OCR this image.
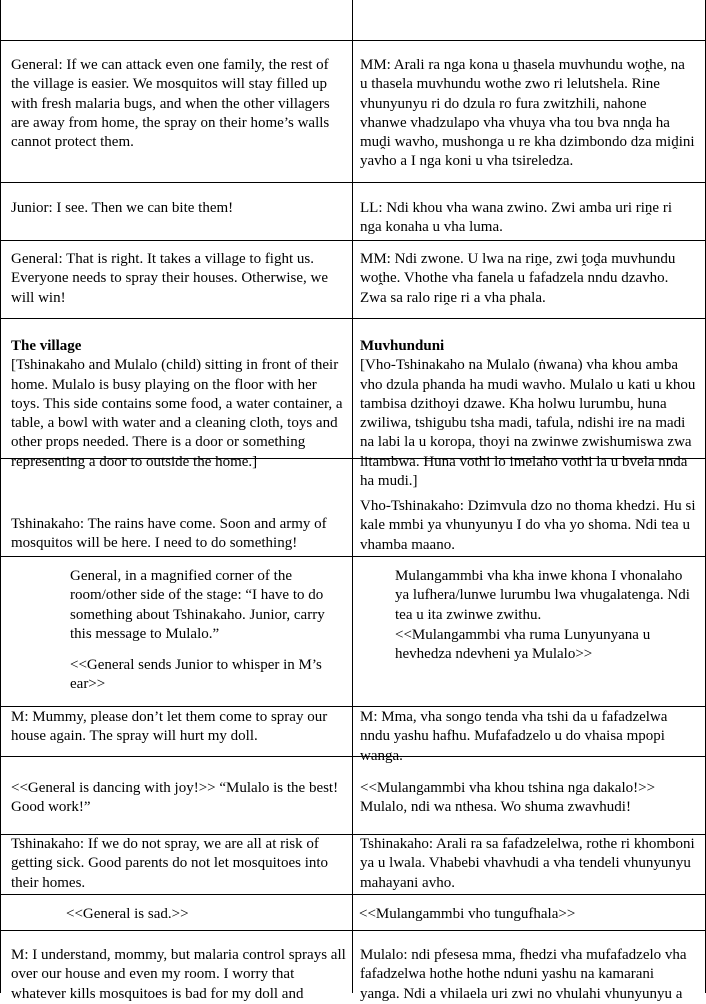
General: If we can attack even one family, the rest of the village is easier. We mosquitos will stay filled up with fresh malaria bugs, and when the other villagers are away from home, the spray on their home’s walls cannot protect them.

Junior: I see. Then we can bite them!

General: That is right. It takes a village to fight us. Everyone needs to spray their houses. Otherwise, we will win!

The village
[Tshinakaho and Mulalo (child) sitting in front of their home. Mulalo is busy playing on the floor with her toys. This side contains some food, a water container, a table, a bowl with water and a cleaning cloth, toys and other props needed. There is a door or something representing a door to outside the home.]

Tshinakaho: The rains have come. Soon and army of mosquitos will be here. I need to do something!

General, in a magnified corner of the room/other side of the stage: “I have to do something about Tshinakaho. Junior, carry this message to Mulalo.”

<<General sends Junior to whisper in M’s ear>>

M: Mummy, please don’t let them come to spray our house again. The spray will hurt my doll.

<<General is dancing with joy!>> “Mulalo is the best! Good work!”

Tshinakaho: If we do not spray, we are all at risk of getting sick. Good parents do not let mosquitoes into their homes.

<<General is sad.>>

M: I understand, mommy, but malaria control sprays all over our house and even my room. I worry that whatever kills mosquitoes is bad for my doll and

MM: Arali ra nga kona u ṱhasela muvhundu woṱhe, na u thasela muvhundu wothe zwo ri lelutshela. Rine vhunyunyu ri do dzula ro fura zwitzhili, nahone vhanwe vhadzulapo vha vhuya vha tou bva nnḓa ha muḓi wavho, mushonga u re kha dzimbondo dza miḓini yavho a I nga koni u vha tsireledza.

LL: Ndi khou vha wana zwino. Zwi amba uri riṋe ri nga konaha u vha luma.

MM: Ndi zwone. U lwa na riṋe, zwi ṱoḓa muvhundu woṱhe. Vhothe vha fanela u fafadzela nndu dzavho. Zwa sa ralo riṋe ri a vha phala.

Muvhunduni
[Vho-Tshinakaho na Mulalo (ṅwana) vha khou amba vho dzula phanda ha mudi wavho. Mulalo u kati u khou tambisa dzithoyi dzawe. Kha holwu lurumbu, huna zwiliwa, tshigubu tsha madi, tafula, ndishi ire na madi na labi la u koropa, thoyi na zwinwe zwishumiswa zwa litambwa. Huna vothi lo imelaho vothi la u bvela nnda ha mudi.]

Vho-Tshinakaho: Dzimvula dzo no thoma khedzi. Hu si kale mmbi ya vhunyunyu I do vha yo shoma. Ndi tea u vhamba maano.

Mulangammbi vha kha inwe khona I vhonalaho ya lufhera/lunwe lurumbu lwa vhugalatenga. Ndi tea u ita zwinwe zwithu.

<<Mulangammbi vha ruma Lunyunyana u hevhedza ndevheni ya Mulalo>>

M: Mma, vha songo tenda vha tshi da u fafadzelwa nndu yashu hafhu. Mufafadzelo u do vhaisa mpopi wanga.

<<Mulangammbi vha khou tshina nga dakalo!>> Mulalo, ndi wa nthesa. Wo shuma zwavhudi!

Tshinakaho: Arali ra sa fafadzelelwa, rothe ri khomboni ya u lwala. Vhabebi vhavhudi a vha tendeli vhunyunyu mahayani avho.

<<Mulangammbi vho tungufhala>>

Mulalo: ndi pfesesa mma, fhedzi vha mufafadzelo vha fafadzelwa hothe hothe nduni yashu na kamarani yanga. Ndi a vhilaela uri zwi no vhulahi vhunyunyu a
